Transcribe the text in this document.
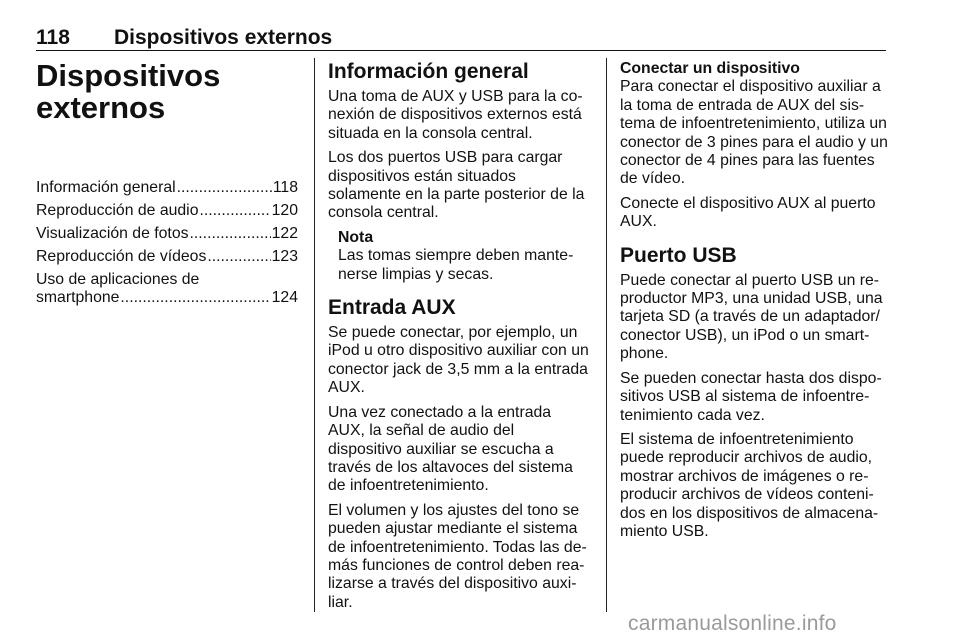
118 Dispositivos externos
Dispositivos
externos
Información general .....	118
Reproducción de audio .....	120
Visualización de fotos .....	122
Reproducción de vídeos .....	123
Uso de aplicaciones de
smartphone .....	124
Información general

Una toma de AUX y USB para la conexión de dispositivos externos está situada en la consola central.

Los dos puertos USB para cargar dispositivos están situados solamente en la parte posterior de la consola central.

Nota
Las tomas siempre deben mantenerse limpias y secas.
Entrada AUX

Se puede conectar, por ejemplo, un iPod u otro dispositivo auxiliar con un conector jack de 3,5 mm a la entrada AUX.

Una vez conectado a la entrada AUX, la señal de audio del dispositivo auxiliar se escucha a través de los altavoces del sistema de infoentretenimiento.

El volumen y los ajustes del tono se pueden ajustar mediante el sistema de infoentretenimiento. Todas las demás funciones de control deben realizarse a través del dispositivo auxiliar.

Conectar un dispositivo

Para conectar el dispositivo auxiliar a la toma de entrada de AUX del sistema de infoentretenimiento, utiliza un conector de 3 pines para el audio y un conector de 4 pines para las fuentes de vídeo.

Conecte el dispositivo AUX al puerto AUX.

Puerto USB

Puede conectar al puerto USB un reproductor MP3, una unidad USB, una tarjeta SD (a través de un adaptador/ conector USB), un iPod o un smartphone.

Se pueden conectar hasta dos dispositivos USB al sistema de infoentretenimiento cada vez.

El sistema de infoentretenimiento puede reproducir archivos de audio, mostrar archivos de imágenes o reproducir archivos de vídeos contenidos en los dispositivos de almacenamiento USB.

carmanualsonline.info
